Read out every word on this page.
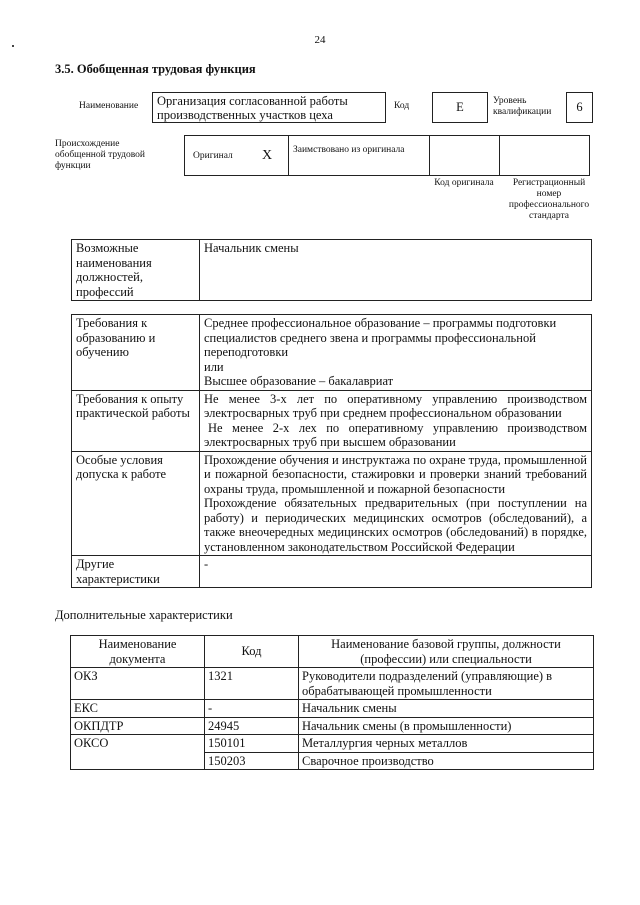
24
3.5. Обобщенная трудовая функция
Наименование	Организация согласованной работы производственных участков цеха
Код	E	Уровень квалификации	6
Происхождение обобщенной трудовой функции
Оригинал X Заимствовано из оригинала
Код оригинала	Регистрационный номер профессионального стандарта
Возможные наименования должностей, профессий	Начальник смены
Требования к образованию и обучению	Среднее профессиональное образование – программы подготовки специалистов среднего звена и программы профессиональной переподготовки
или
Высшее образование – бакалавриат

Требования к опыту практической работы	Не менее 3-х лет по оперативному управлению производством электросварных труб при среднем профессиональном образовании
Не менее 2-х лех по оперативному управлению производством электросварных труб при высшем образовании

Особые условия допуска к работе	Прохождение обучения и инструктажа по охране труда, промышленной и пожарной безопасности, стажировки и проверки знаний требований охраны труда, промышленной и пожарной безопасности
Прохождение обязательных предварительных (при поступлении на работу) и периодических медицинских осмотров (обследований), а также внеочередных медицинских осмотров (обследований) в порядке, установленном законодательством Российской Федерации

Другие характеристики	-
Дополнительные характеристики
Наименование документа	Код	Наименование базовой группы, должности (профессии) или специальности
ОКЗ	1321	Руководители подразделений (управляющие) в обрабатывающей промышленности
ЕКС	-	Начальник смены
ОКПДТР	24945	Начальник смены (в промышленности)
ОКСО	150101	Металлургия черных металлов
	150203	Сварочное производство
